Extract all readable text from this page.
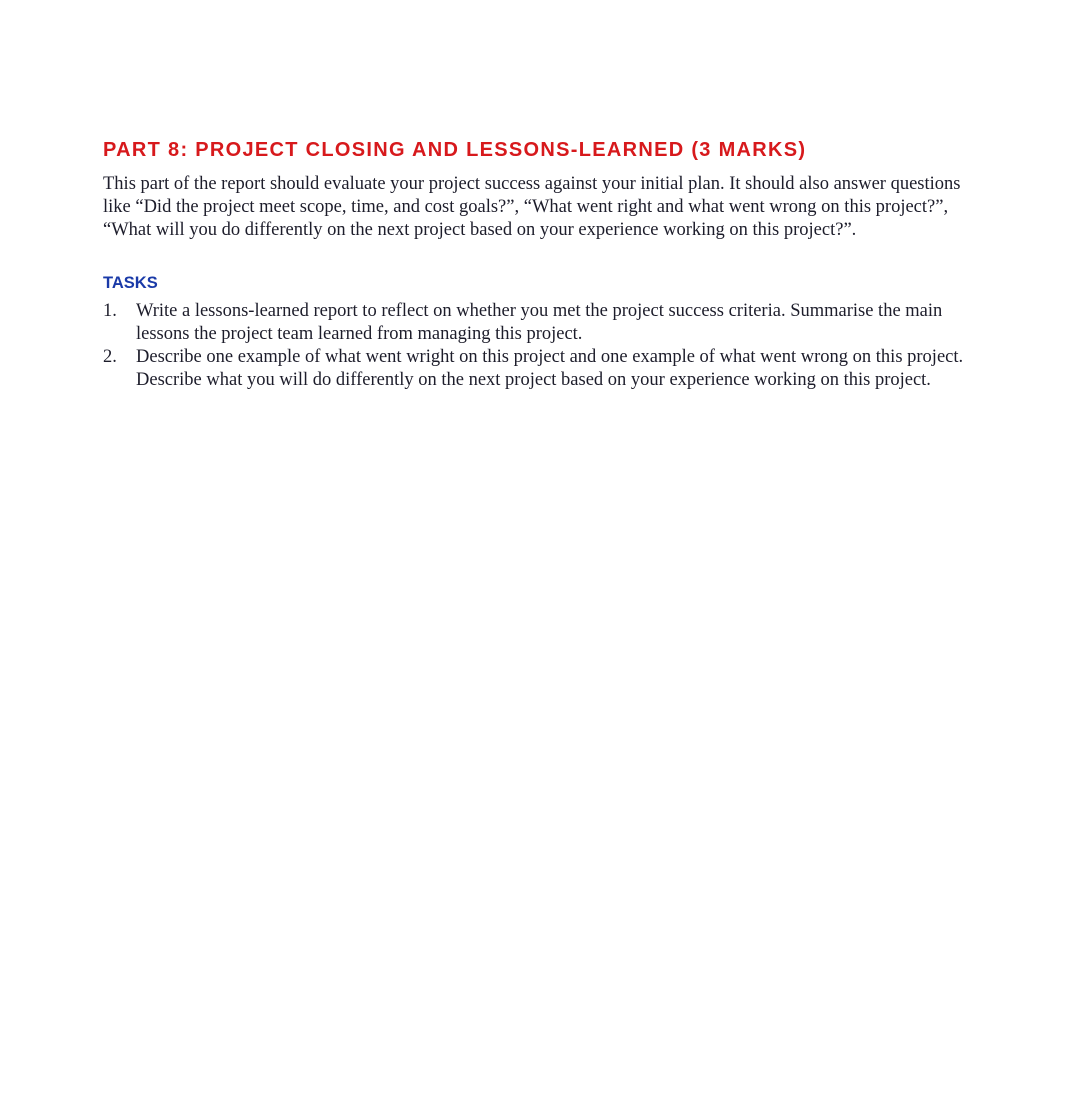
PART 8: PROJECT CLOSING AND LESSONS-LEARNED (3 MARKS)

This part of the report should evaluate your project success against your initial plan. It should also answer questions like “Did the project meet scope, time, and cost goals?”, “What went right and what went wrong on this project?”, “What will you do differently on the next project based on your experience working on this project?”.

TASKS
1.	Write a lessons-learned report to reflect on whether you met the project success criteria. Summarise the main lessons the project team learned from managing this project.
2.	Describe one example of what went wright on this project and one example of what went wrong on this project. Describe what you will do differently on the next project based on your experience working on this project.
